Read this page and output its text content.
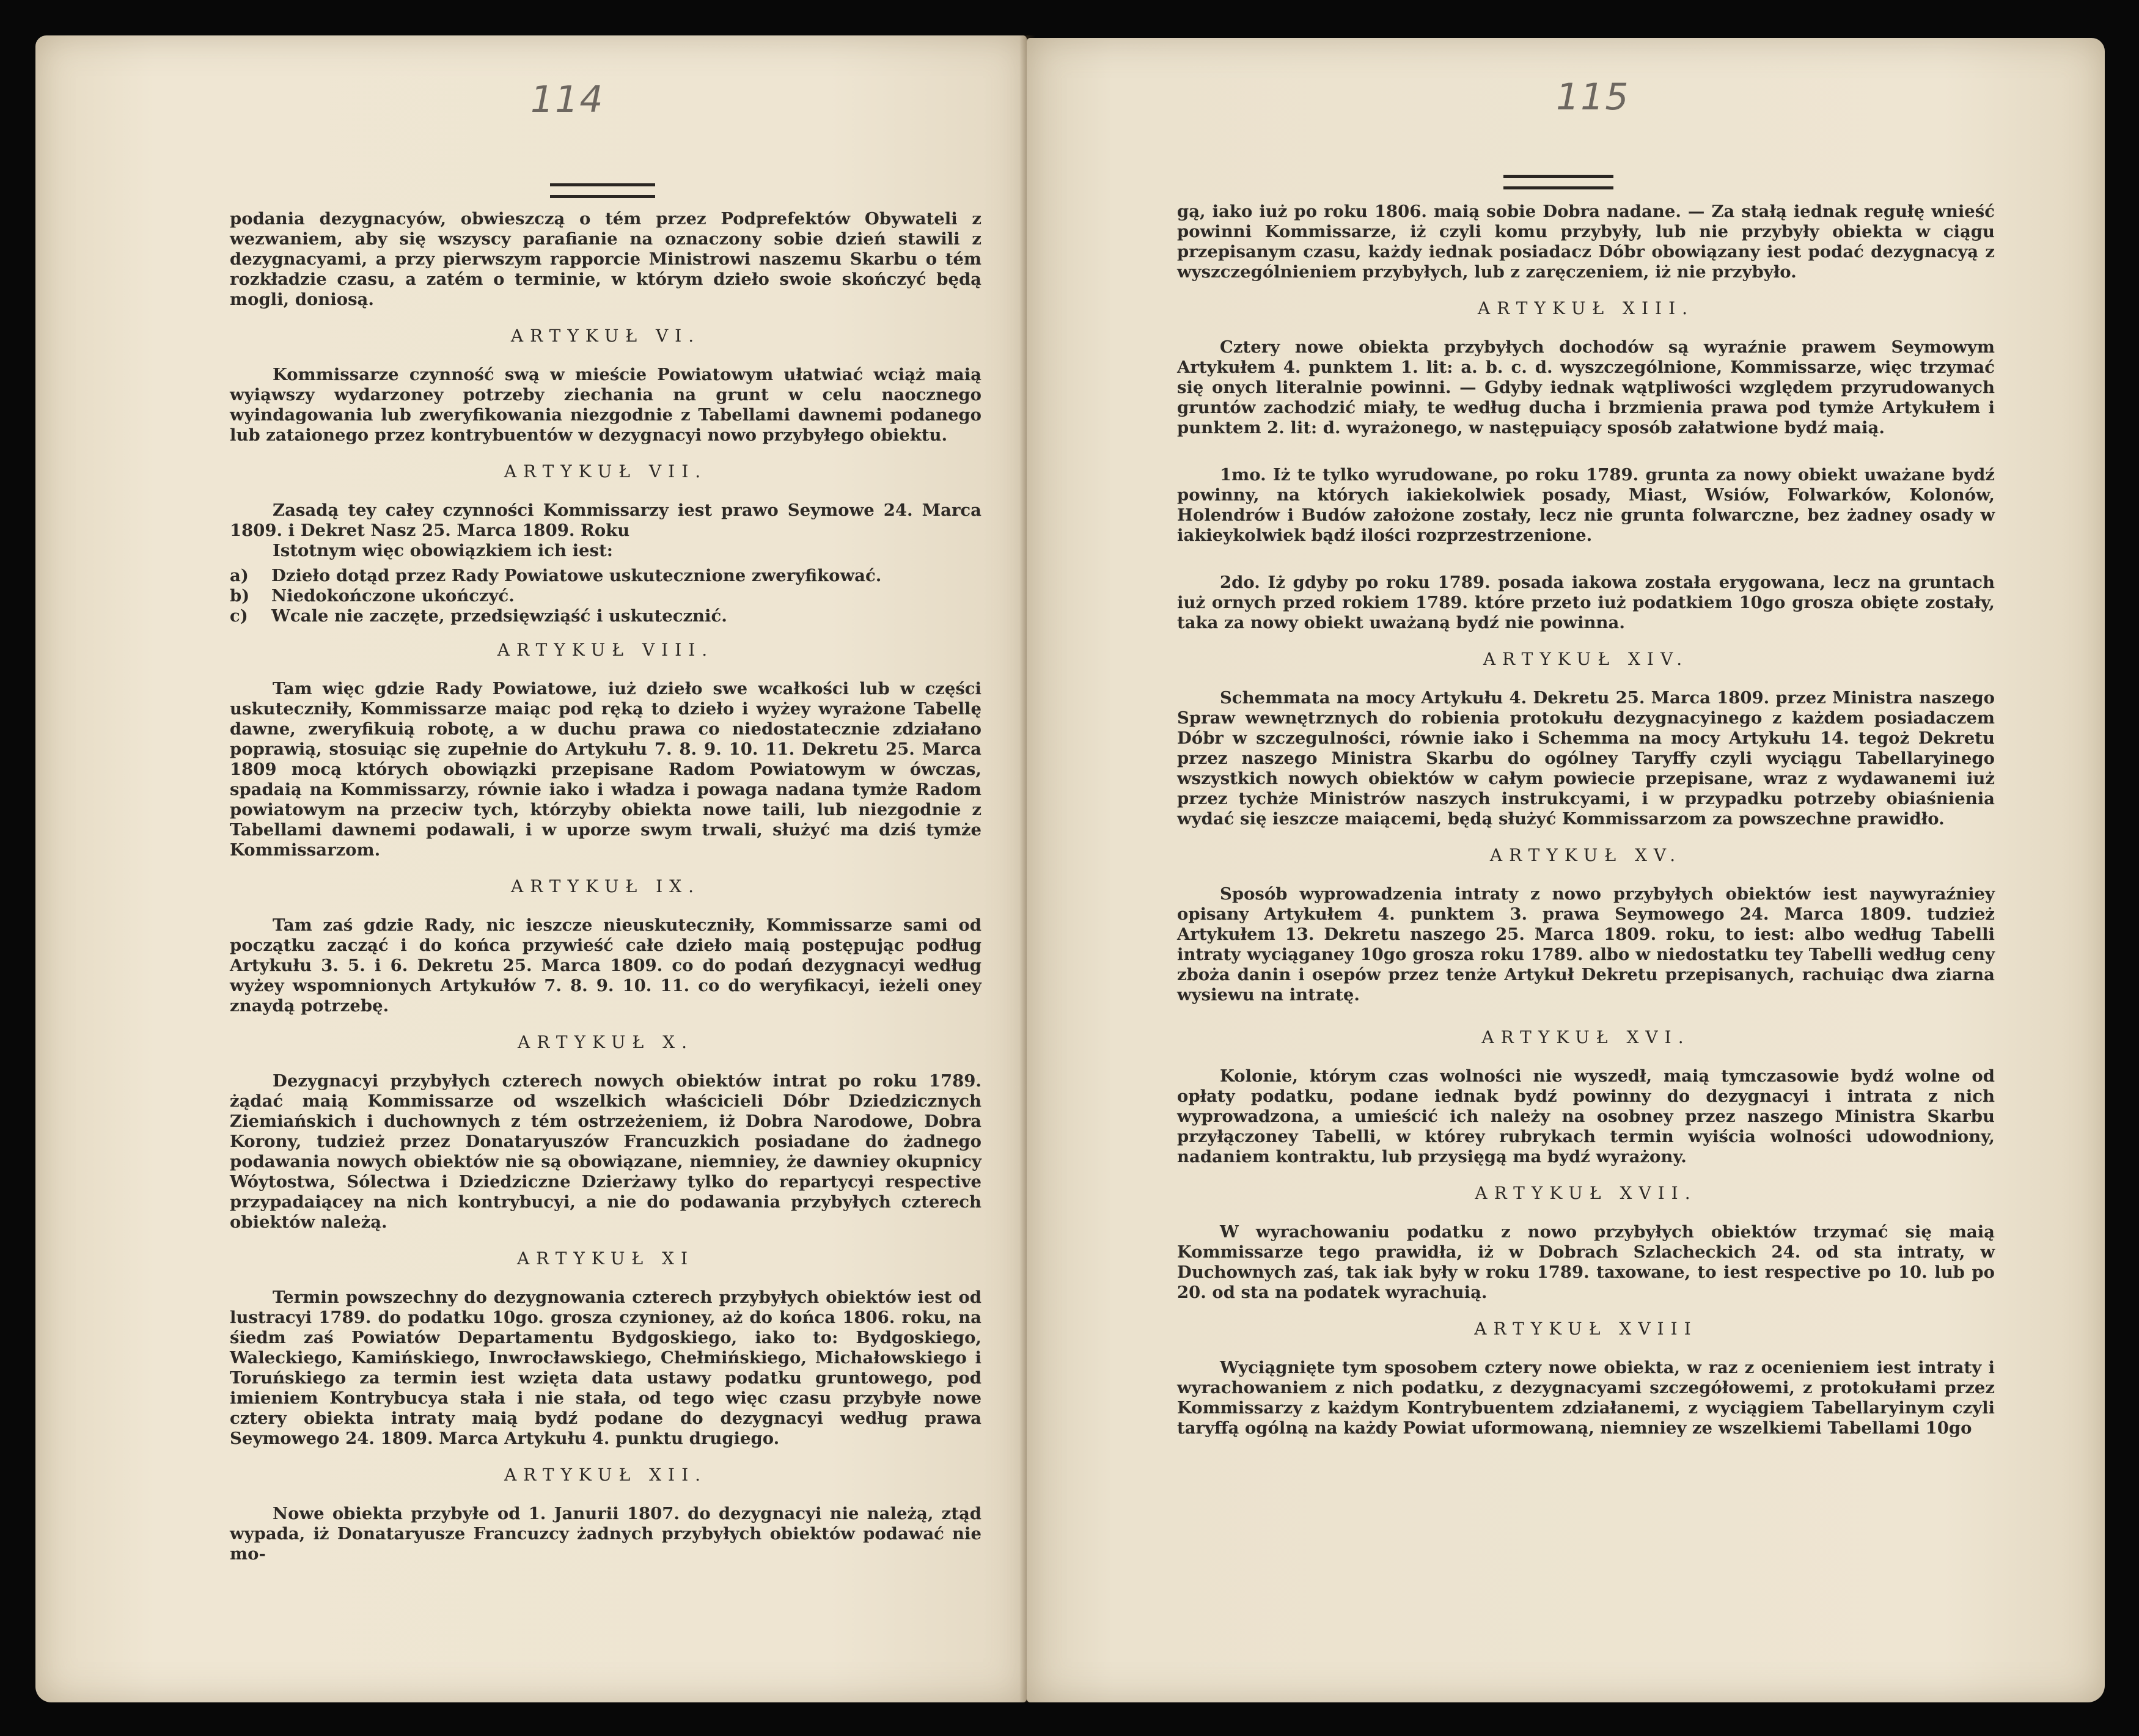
114

podania dezygnacyów, obwieszczą o tém przez Podprefektów Obywateli z wezwaniem, aby się wszyscy parafianie na oznaczony sobie dzień stawili z dezygnacyami, a przy pierwszym rapporcie Ministrowi naszemu Skarbu o tém rozkładzie czasu, a zatém o terminie, w którym dzieło swoie skończyć będą mogli, doniosą.

ARTYKUŁ VI.

Kommissarze czynność swą w mieście Powiatowym ułatwiać wciąż maią wyiąwszy wydarzoney potrzeby ziechania na grunt w celu naocznego wyindagowania lub zweryfikowania niezgodnie z Tabellami dawnemi podanego lub zataionego przez kontrybuentów w dezygnacyi nowo przybyłego obiektu.

ARTYKUŁ VII.

Zasadą tey całey czynności Kommissarzy iest prawo Seymowe 24. Marca 1809. i Dekret Nasz 25. Marca 1809. Roku

Istotnym więc obowiązkiem ich iest:

a) Dzieło dotąd przez Rady Powiatowe uskutecznione zweryfikować.
b) Niedokończone ukończyć.
c) Wcale nie zaczęte, przedsięwziąść i uskutecznić.
ARTYKUŁ VIII.

Tam więc gdzie Rady Powiatowe, iuż dzieło swe wcałkości lub w części uskuteczniły, Kommissarze maiąc pod ręką to dzieło i wyżey wyrażone Tabellę dawne, zweryfikuią robotę, a w duchu prawa co niedostatecznie zdziałano poprawią, stosuiąc się zupełnie do Artykułu 7. 8. 9. 10. 11. Dekretu 25. Marca 1809 mocą których obowiązki przepisane Radom Powiatowym w ówczas, spadaią na Kommissarzy, równie iako i władza i powaga nadana tymże Radom powiatowym na przeciw tych, którzyby obiekta nowe taili, lub niezgodnie z Tabellami dawnemi podawali, i w uporze swym trwali, służyć ma dziś tymże Kommissarzom.

ARTYKUŁ IX.

Tam zaś gdzie Rady, nic ieszcze nieuskuteczniły, Kommissarze sami od początku zacząć i do końca przywieść całe dzieło maią postępując podług Artykułu 3. 5. i 6. Dekretu 25. Marca 1809. co do podań dezygnacyi według wyżey wspomnionych Artykułów 7. 8. 9. 10. 11. co do weryfikacyi, ieżeli oney znaydą potrzebę.

ARTYKUŁ X.

Dezygnacyi przybyłych czterech nowych obiektów intrat po roku 1789. żądać maią Kommissarze od wszelkich właścicieli Dóbr Dziedzicznych Ziemiańskich i duchownych z tém ostrzeżeniem, iż Dobra Narodowe, Dobra Korony, tudzież przez Donataryuszów Francuzkich posiadane do żadnego podawania nowych obiektów nie są obowiązane, niemniey, że dawniey okupnicy Wóytostwa, Sólectwa i Dziedziczne Dzierżawy tylko do repartycyi respective przypadaiącey na nich kontrybucyi, a nie do podawania przybyłych czterech obiektów należą.

ARTYKUŁ XI

Termin powszechny do dezygnowania czterech przybyłych obiektów iest od lustracyi 1789. do podatku 10go. grosza czynioney, aż do końca 1806. roku, na śiedm zaś Powiatów Departamentu Bydgoskiego, iako to: Bydgoskiego, Waleckiego, Kamińskiego, Inwrocławskiego, Chełmińskiego, Michałowskiego i Toruńskiego za termin iest wzięta data ustawy podatku gruntowego, pod imieniem Kontrybucya stała i nie stała, od tego więc czasu przybyłe nowe cztery obiekta intraty maią bydź podane do dezygnacyi według prawa Seymowego 24. 1809. Marca Artykułu 4. punktu drugiego.

ARTYKUŁ XII.

Nowe obiekta przybyłe od 1. Janurii 1807. do dezygnacyi nie należą, ztąd wypada, iż Donataryusze Francuzcy żadnych przybyłych obiektów podawać nie mo-

115

gą, iako iuż po roku 1806. maią sobie Dobra nadane. — Za stałą iednak regułę wnieść powinni Kommissarze, iż czyli komu przybyły, lub nie przybyły obiekta w ciągu przepisanym czasu, każdy iednak posiadacz Dóbr obowiązany iest podać dezygnacyą z wyszczególnieniem przybyłych, lub z zaręczeniem, iż nie przybyło.

ARTYKUŁ XIII.

Cztery nowe obiekta przybyłych dochodów są wyraźnie prawem Seymowym Artykułem 4. punktem 1. lit: a. b. c. d. wyszczególnione, Kommissarze, więc trzymać się onych literalnie powinni. — Gdyby iednak wątpliwości względem przyrudowanych gruntów zachodzić miały, te według ducha i brzmienia prawa pod tymże Artykułem i punktem 2. lit: d. wyrażonego, w następuiący sposób załatwione bydź maią.

1mo. Iż te tylko wyrudowane, po roku 1789. grunta za nowy obiekt uważane bydź powinny, na których iakiekolwiek posady, Miast, Wsiów, Folwarków, Kolonów, Holendrów i Budów założone zostały, lecz nie grunta folwarczne, bez żadney osady w iakieykolwiek bądź ilości rozprzestrzenione.

2do. Iż gdyby po roku 1789. posada iakowa została erygowana, lecz na gruntach iuż ornych przed rokiem 1789. które przeto iuż podatkiem 10go grosza obięte zostały, taka za nowy obiekt uważaną bydź nie powinna.

ARTYKUŁ XIV.

Schemmata na mocy Artykułu 4. Dekretu 25. Marca 1809. przez Ministra naszego Spraw wewnętrznych do robienia protokułu dezygnacyinego z każdem posiadaczem Dóbr w szczegulności, równie iako i Schemma na mocy Artykułu 14. tegoż Dekretu przez naszego Ministra Skarbu do ogólney Taryffy czyli wyciągu Tabellaryinego wszystkich nowych obiektów w całym powiecie przepisane, wraz z wydawanemi iuż przez tychże Ministrów naszych instrukcyami, i w przypadku potrzeby obiaśnienia wydać się ieszcze maiącemi, będą służyć Kommissarzom za powszechne prawidło.

ARTYKUŁ XV.

Sposób wyprowadzenia intraty z nowo przybyłych obiektów iest naywyraźniey opisany Artykułem 4. punktem 3. prawa Seymowego 24. Marca 1809. tudzież Artykułem 13. Dekretu naszego 25. Marca 1809. roku, to iest: albo według Tabelli intraty wyciąganey 10go grosza roku 1789. albo w niedostatku tey Tabelli według ceny zboża danin i osepów przez tenże Artykuł Dekretu przepisanych, rachuiąc dwa ziarna wysiewu na intratę.

ARTYKUŁ XVI.

Kolonie, którym czas wolności nie wyszedł, maią tymczasowie bydź wolne od opłaty podatku, podane iednak bydź powinny do dezygnacyi i intrata z nich wyprowadzona, a umieścić ich należy na osobney przez naszego Ministra Skarbu przyłączoney Tabelli, w którey rubrykach termin wyiścia wolności udowodniony, nadaniem kontraktu, lub przysięgą ma bydź wyrażony.

ARTYKUŁ XVII.

W wyrachowaniu podatku z nowo przybyłych obiektów trzymać się maią Kommissarze tego prawidła, iż w Dobrach Szlacheckich 24. od sta intraty, w Duchownych zaś, tak iak były w roku 1789. taxowane, to iest respective po 10. lub po 20. od sta na podatek wyrachuią.

ARTYKUŁ XVIII

Wyciągnięte tym sposobem cztery nowe obiekta, w raz z ocenieniem iest intraty i wyrachowaniem z nich podatku, z dezygnacyami szczegółowemi, z protokułami przez Kommissarzy z każdym Kontrybuentem zdziałanemi, z wyciągiem Tabellaryinym czyli taryffą ogólną na każdy Powiat uformowaną, niemniey ze wszelkiemi Tabellami 10go
